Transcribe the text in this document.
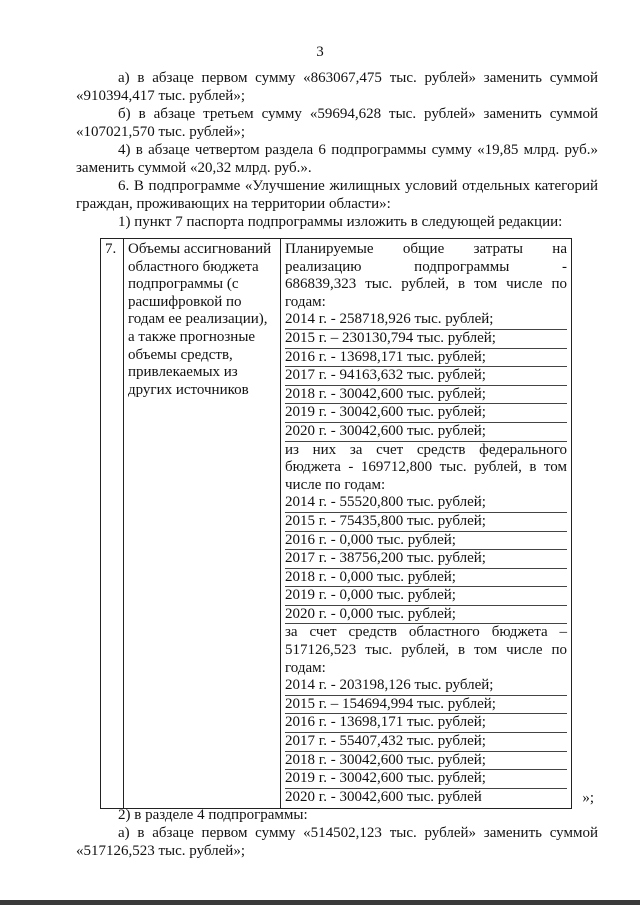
3
а) в абзаце первом сумму «863067,475 тыс. рублей» заменить суммой «910394,417 тыс. рублей»;
б) в абзаце третьем сумму «59694,628 тыс. рублей» заменить суммой «107021,570 тыс. рублей»;
4) в абзаце четвертом раздела 6 подпрограммы сумму «19,85 млрд. руб.» заменить суммой «20,32 млрд. руб.».
6. В подпрограмме «Улучшение жилищных условий отдельных категорий граждан, проживающих на территории области»:
1) пункт 7 паспорта подпрограммы изложить в следующей редакции:
7.	Объемы ассигнований областного бюджета подпрограммы (с расшифровкой по годам ее реализации), а также прогнозные объемы средств, привлекаемых из других источников

Планируемые общие затраты на реализацию подпрограммы -
686839,323 тыс. рублей, в том числе по годам:
2014 г. - 258718,926 тыс. рублей;
2015 г. – 230130,794 тыс. рублей;
2016 г. - 13698,171 тыс. рублей;
2017 г. - 94163,632 тыс. рублей;
2018 г. - 30042,600 тыс. рублей;
2019 г. - 30042,600 тыс. рублей;
2020 г. - 30042,600 тыс. рублей;
из них за счет средств федерального бюджета - 169712,800 тыс. рублей, в том числе по годам:
2014 г. - 55520,800 тыс. рублей;
2015 г. - 75435,800 тыс. рублей;
2016 г. - 0,000 тыс. рублей;
2017 г. - 38756,200 тыс. рублей;
2018 г. - 0,000 тыс. рублей;
2019 г. - 0,000 тыс. рублей;
2020 г. - 0,000 тыс. рублей;
за счет средств областного бюджета – 517126,523 тыс. рублей, в том числе по годам:
2014 г. - 203198,126 тыс. рублей;
2015 г. – 154694,994 тыс. рублей;
2016 г. - 13698,171 тыс. рублей;
2017 г. - 55407,432 тыс. рублей;
2018 г. - 30042,600 тыс. рублей;
2019 г. - 30042,600 тыс. рублей;
2020 г. - 30042,600 тыс. рублей	»;
2) в разделе 4 подпрограммы:
а) в абзаце первом сумму «514502,123 тыс. рублей» заменить суммой «517126,523 тыс. рублей»;
